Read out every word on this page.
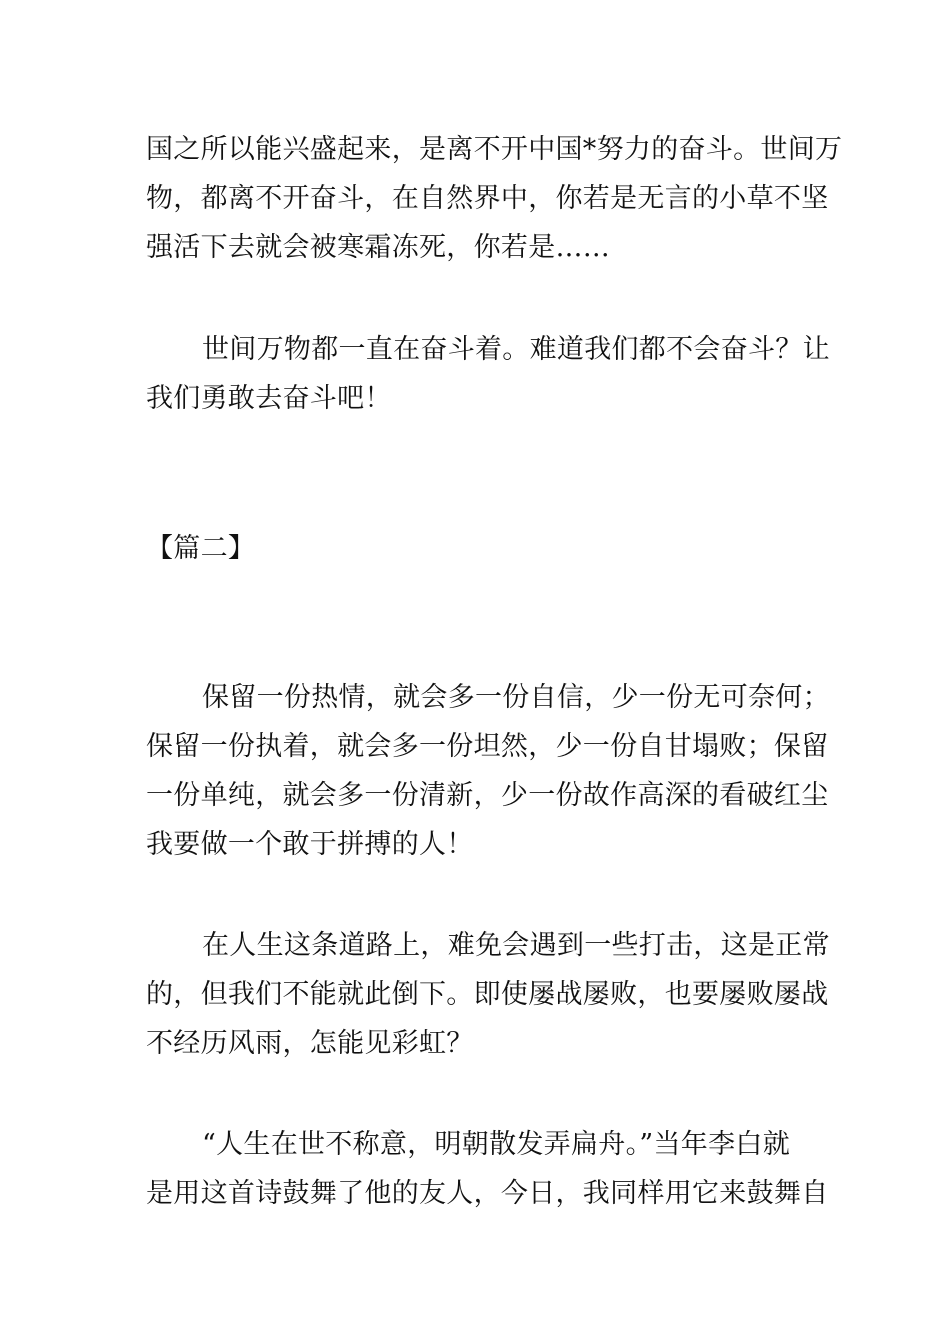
国之所以能兴盛起来，是离不开中国*努力的奋斗。世间万
物，都离不开奋斗，在自然界中，你若是无言的小草不坚
强活下去就会被寒霜冻死，你若是……
世间万物都一直在奋斗着。难道我们都不会奋斗？让
我们勇敢去奋斗吧！
【篇二】
保留一份热情，就会多一份自信，少一份无可奈何；
保留一份执着，就会多一份坦然，少一份自甘塌败；保留
一份单纯，就会多一份清新，少一份故作高深的看破红尘
我要做一个敢于拼搏的人！
在人生这条道路上，难免会遇到一些打击，这是正常
的，但我们不能就此倒下。即使屡战屡败，也要屡败屡战
不经历风雨，怎能见彩虹？
“人生在世不称意，明朝散发弄扁舟。”当年李白就
是用这首诗鼓舞了他的友人，今日，我同样用它来鼓舞自
